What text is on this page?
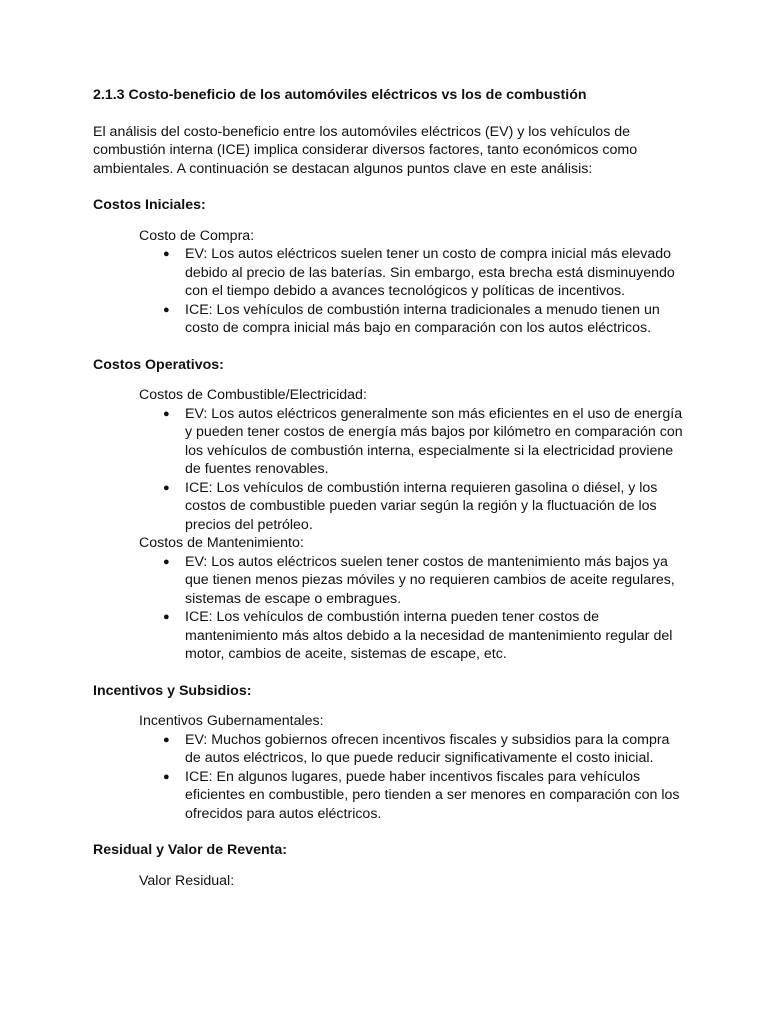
2.1.3 Costo-beneficio de los automóviles eléctricos vs los de combustión

El análisis del costo-beneficio entre los automóviles eléctricos (EV) y los vehículos de combustión interna (ICE) implica considerar diversos factores, tanto económicos como ambientales. A continuación se destacan algunos puntos clave en este análisis:

Costos Iniciales:

Costo de Compra:

● EV: Los autos eléctricos suelen tener un costo de compra inicial más elevado debido al precio de las baterías. Sin embargo, esta brecha está disminuyendo con el tiempo debido a avances tecnológicos y políticas de incentivos.
● ICE: Los vehículos de combustión interna tradicionales a menudo tienen un costo de compra inicial más bajo en comparación con los autos eléctricos.

Costos Operativos:

Costos de Combustible/Electricidad:

● EV: Los autos eléctricos generalmente son más eficientes en el uso de energía y pueden tener costos de energía más bajos por kilómetro en comparación con los vehículos de combustión interna, especialmente si la electricidad proviene de fuentes renovables.
● ICE: Los vehículos de combustión interna requieren gasolina o diésel, y los costos de combustible pueden variar según la región y la fluctuación de los precios del petróleo.

Costos de Mantenimiento:

● EV: Los autos eléctricos suelen tener costos de mantenimiento más bajos ya que tienen menos piezas móviles y no requieren cambios de aceite regulares, sistemas de escape o embragues.
● ICE: Los vehículos de combustión interna pueden tener costos de mantenimiento más altos debido a la necesidad de mantenimiento regular del motor, cambios de aceite, sistemas de escape, etc.

Incentivos y Subsidios:

Incentivos Gubernamentales:

● EV: Muchos gobiernos ofrecen incentivos fiscales y subsidios para la compra de autos eléctricos, lo que puede reducir significativamente el costo inicial.
● ICE: En algunos lugares, puede haber incentivos fiscales para vehículos eficientes en combustible, pero tienden a ser menores en comparación con los ofrecidos para autos eléctricos.

Residual y Valor de Reventa:

Valor Residual:
